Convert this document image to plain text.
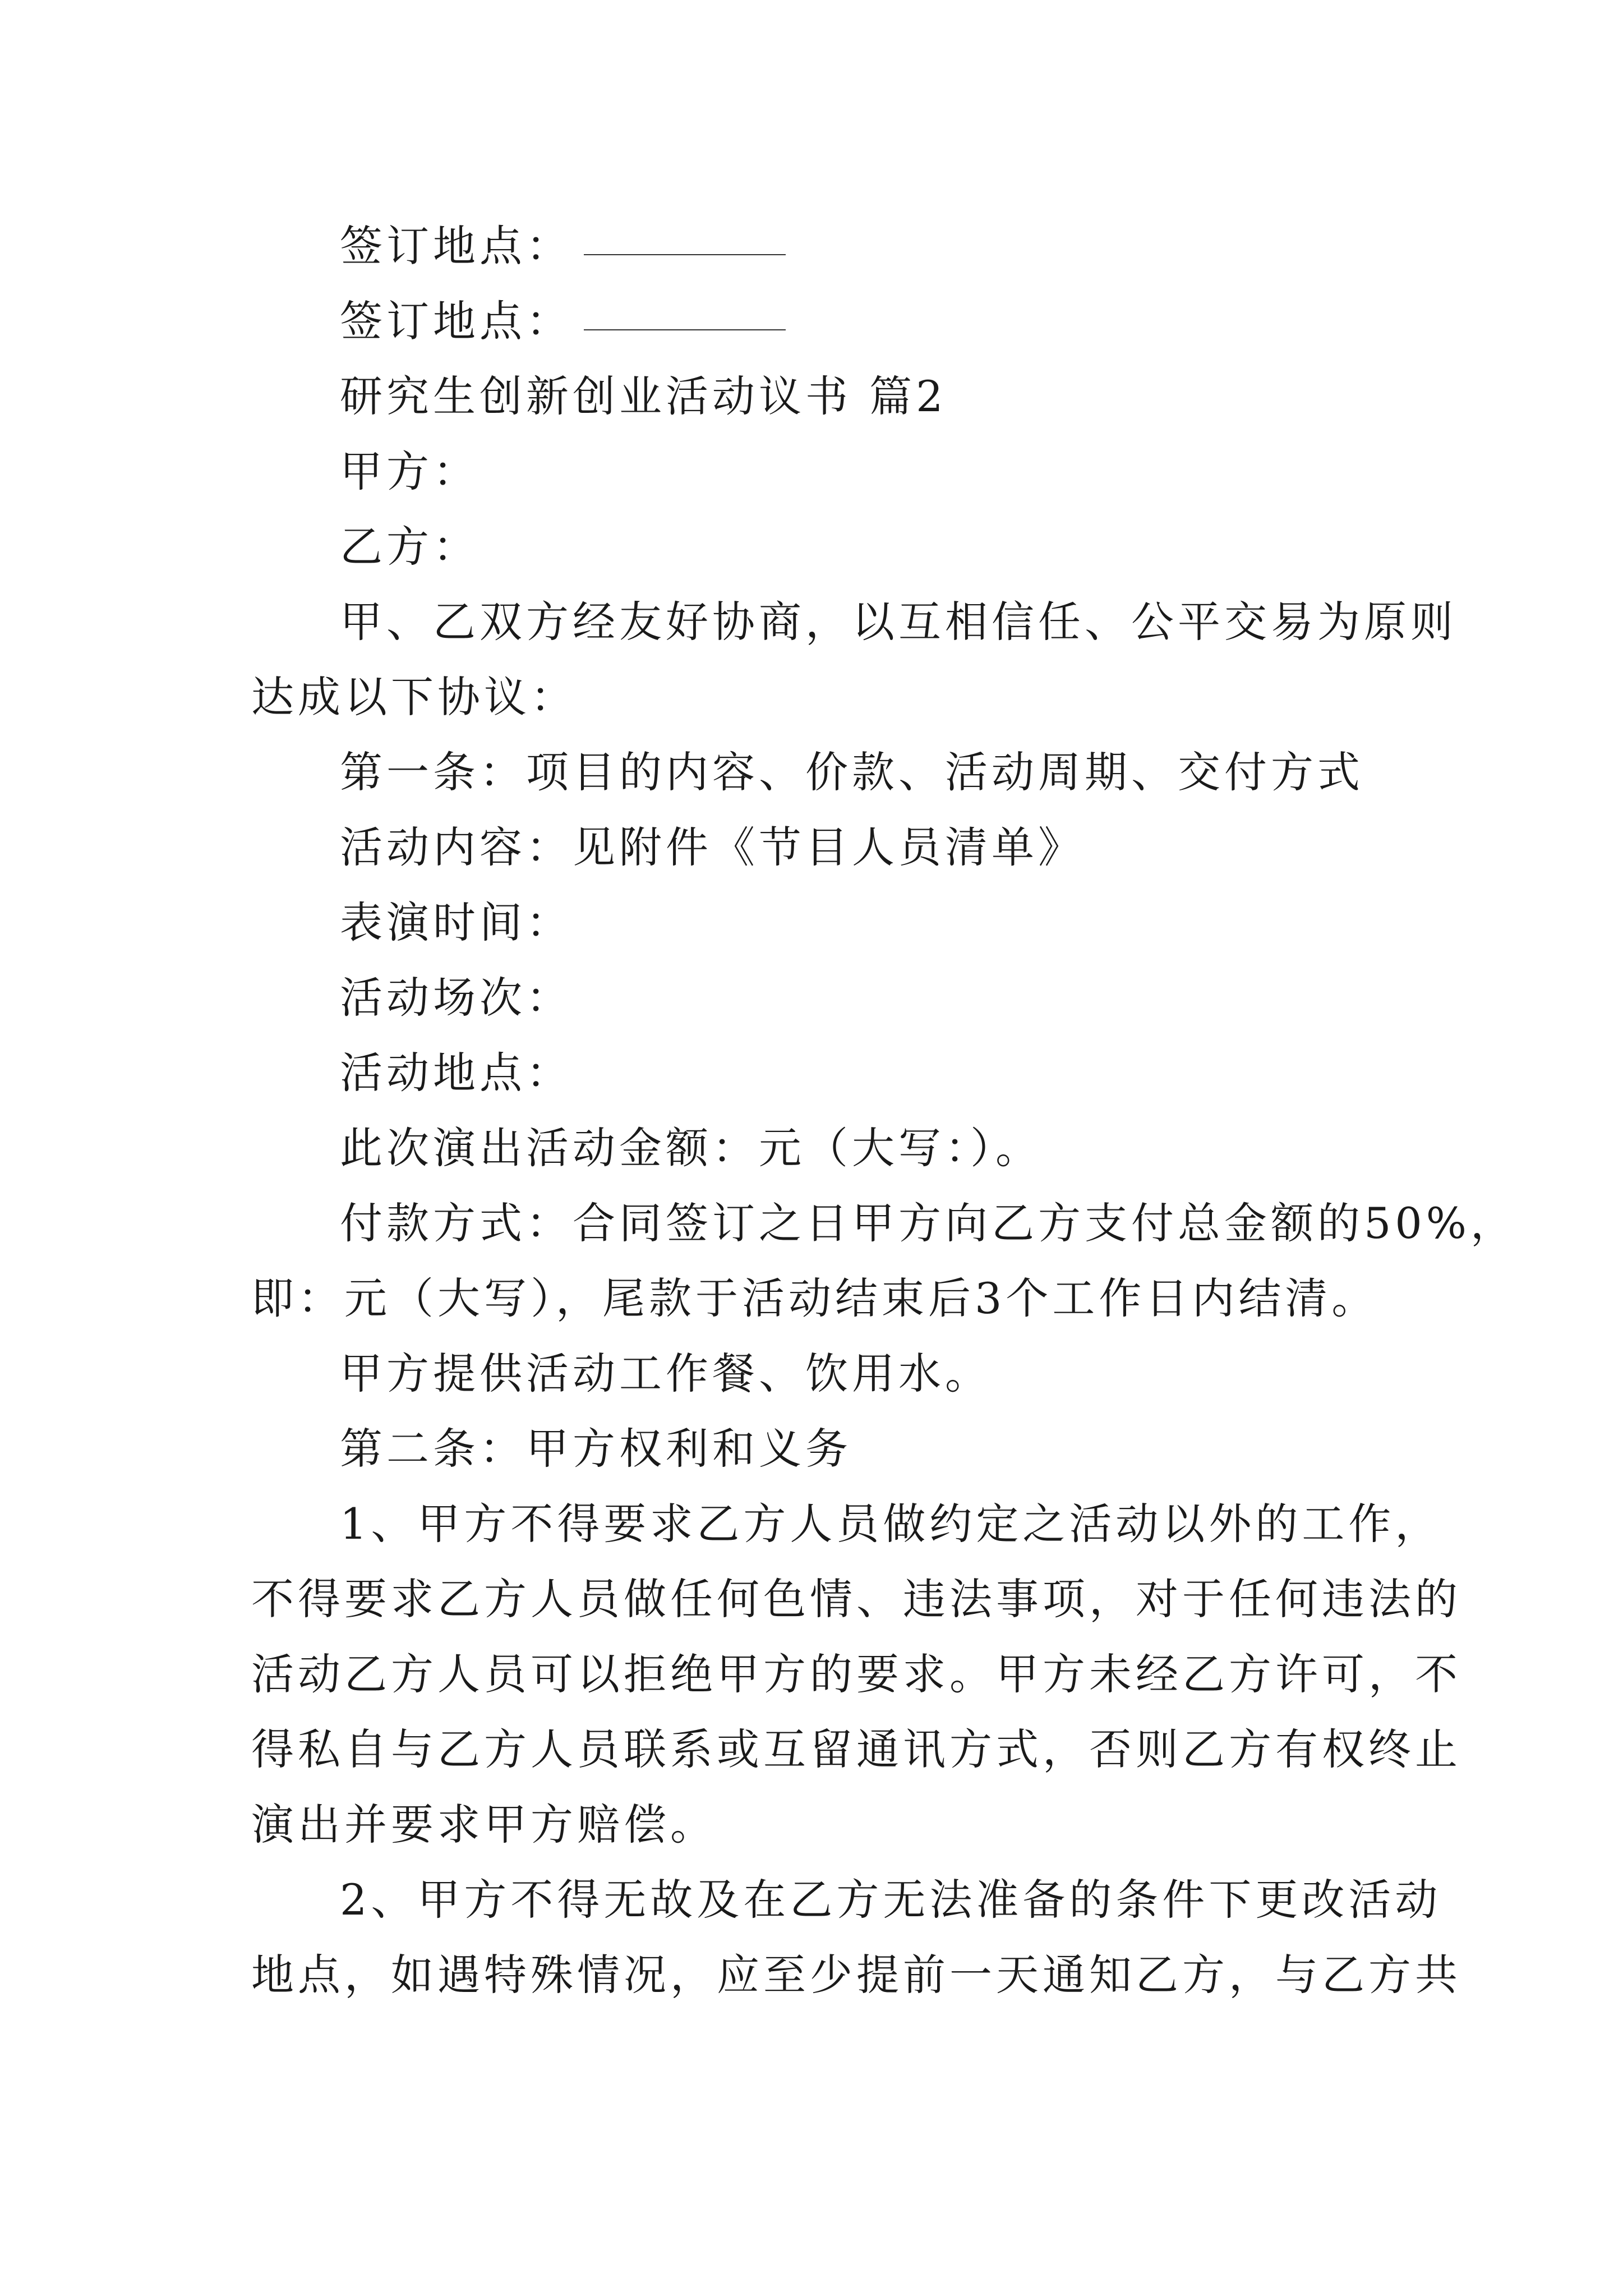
签订地点：

签订地点：

研究生创新创业活动议书 篇2

甲方：

乙方：

甲、乙双方经友好协商，以互相信任、公平交易为原则
达成以下协议：

第一条：项目的内容、价款、活动周期、交付方式

活动内容：见附件《节目人员清单》

表演时间：

活动场次：

活动地点：

此次演出活动金额：元（大写：）。

付款方式：合同签订之日甲方向乙方支付总金额的50%，
即：元（大写），尾款于活动结束后3个工作日内结清。

甲方提供活动工作餐、饮用水。

第二条：甲方权利和义务

1、甲方不得要求乙方人员做约定之活动以外的工作，
不得要求乙方人员做任何色情、违法事项，对于任何违法的
活动乙方人员可以拒绝甲方的要求。甲方未经乙方许可，不
得私自与乙方人员联系或互留通讯方式，否则乙方有权终止
演出并要求甲方赔偿。
2、甲方不得无故及在乙方无法准备的条件下更改活动
地点，如遇特殊情况，应至少提前一天通知乙方，与乙方共
